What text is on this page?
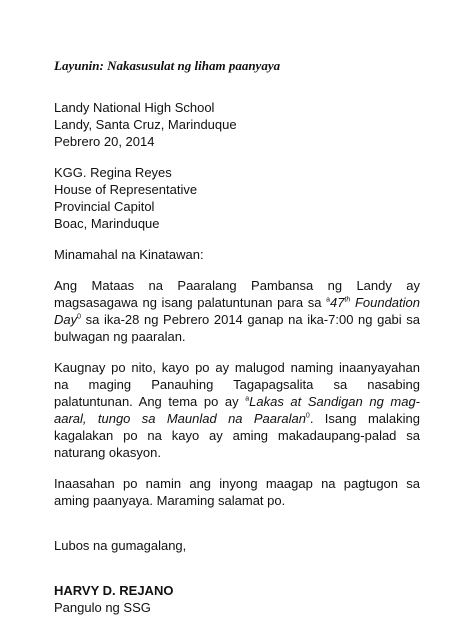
Layunin: Nakasusulat ng liham paanyaya
Landy National High School
Landy, Santa Cruz, Marinduque
Pebrero 20, 2014
KGG. Regina Reyes
House of Representative
Provincial Capitol
Boac, Marinduque
Minamahal na Kinatawan:

Ang Mataas na Paaralang Pambansa ng Landy ay magsasagawa ng isang palatuntunan para sa $^a$47th Foundation Day$^0$ sa ika-28 ng Pebrero 2014 ganap na ika-7:00 ng gabi sa bulwagan ng paaralan.

Kaugnay po nito, kayo po ay malugod naming inaanyayahan na maging Panauhing Tagapagsalita sa nasabing palatuntunan. Ang tema po ay $^a$Lakas at Sandigan ng mag-aaral, tungo sa Maunlad na Paaralan$^0$. Isang malaking kagalakan po na kayo ay aming makadaupang-palad sa naturang okasyon.

Inaasahan po namin ang inyong maagap na pagtugon sa aming paanyaya. Maraming salamat po.

Lubos na gumagalang,
HARVY D. REJANO
Pangulo ng SSG
